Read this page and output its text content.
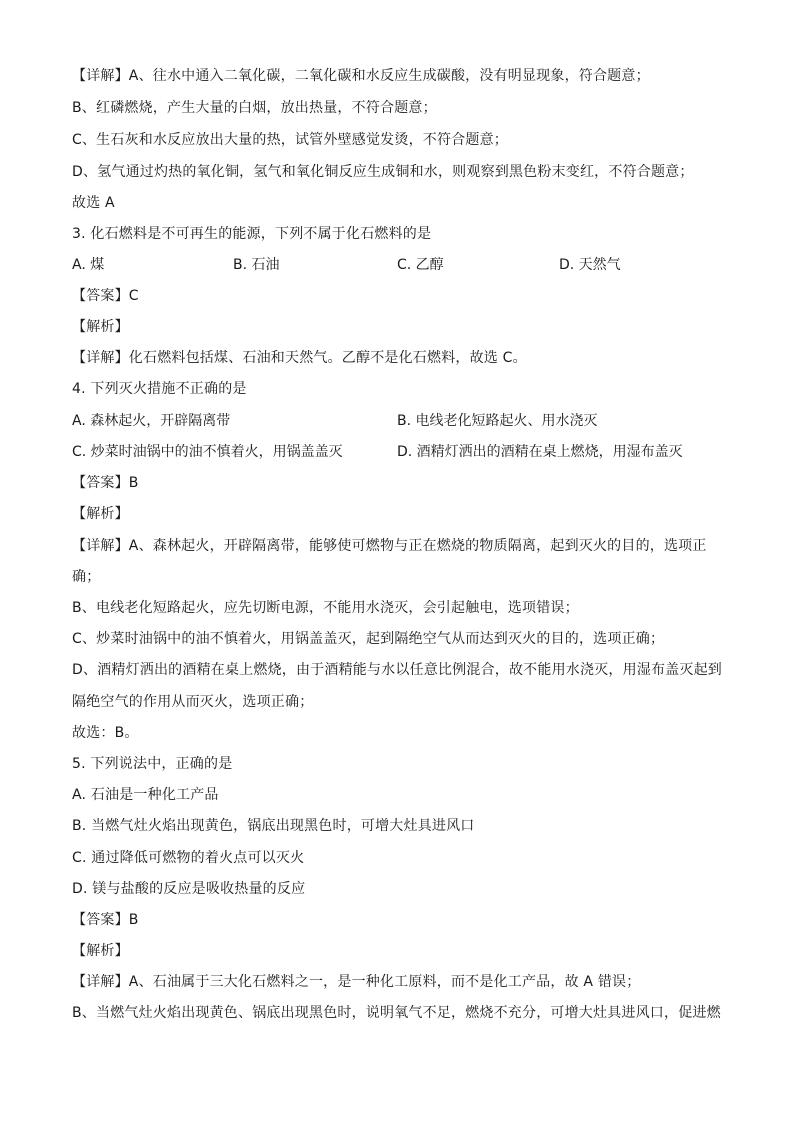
【详解】A、往水中通入二氧化碳，二氧化碳和水反应生成碳酸，没有明显现象，符合题意；
B、红磷燃烧，产生大量的白烟，放出热量，不符合题意；
C、生石灰和水反应放出大量的热，试管外壁感觉发烫，不符合题意；
D、氢气通过灼热的氧化铜，氢气和氧化铜反应生成铜和水，则观察到黑色粉末变红，不符合题意；
故选 A
3. 化石燃料是不可再生的能源，下列不属于化石燃料的是
A. 煤	B. 石油	C. 乙醇	D. 天然气
【答案】C
【解析】
【详解】化石燃料包括煤、石油和天然气。乙醇不是化石燃料，故选 C。
4. 下列灭火措施不正确的是
A. 森林起火，开辟隔离带	B. 电线老化短路起火、用水浇灭
C. 炒菜时油锅中的油不慎着火，用锅盖盖灭	D. 酒精灯洒出的酒精在桌上燃烧，用湿布盖灭
【答案】B
【解析】
【详解】A、森林起火，开辟隔离带，能够使可燃物与正在燃烧的物质隔离，起到灭火的目的，选项正
确；
B、电线老化短路起火，应先切断电源，不能用水浇灭，会引起触电，选项错误；
C、炒菜时油锅中的油不慎着火，用锅盖盖灭，起到隔绝空气从而达到灭火的目的，选项正确；
D、酒精灯洒出的酒精在桌上燃烧，由于酒精能与水以任意比例混合，故不能用水浇灭，用湿布盖灭起到
隔绝空气的作用从而灭火，选项正确；
故选：B。
5. 下列说法中，正确的是
A. 石油是一种化工产品
B. 当燃气灶火焰出现黄色，锅底出现黑色时，可增大灶具进风口
C. 通过降低可燃物的着火点可以灭火
D. 镁与盐酸的反应是吸收热量的反应
【答案】B
【解析】
【详解】A、石油属于三大化石燃料之一，是一种化工原料，而不是化工产品，故 A 错误；
B、当燃气灶火焰出现黄色、锅底出现黑色时，说明氧气不足，燃烧不充分，可增大灶具进风口，促进燃
